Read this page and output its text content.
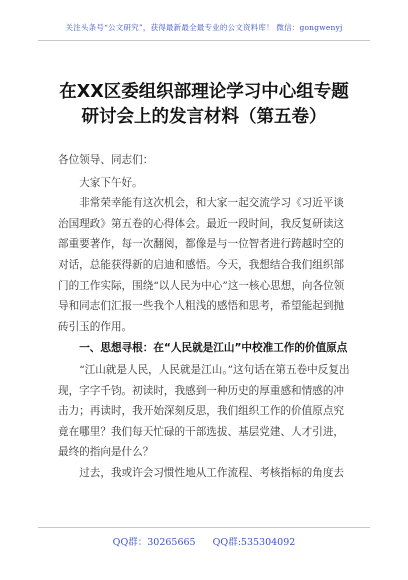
关注头条号“公文研究”，获得最新最全最专业的公文资料库！ 微信：gongwenyj
在XX区委组织部理论学习中心组专题
研讨会上的发言材料（第五卷）

各位领导、同志们：

大家下午好。

非常荣幸能有这次机会，和大家一起交流学习《习近平谈治国理政》第五卷的心得体会。最近一段时间，我反复研读这部重要著作，每一次翻阅，都像是与一位智者进行跨越时空的对话，总能获得新的启迪和感悟。今天，我想结合我们组织部门的工作实际，围绕“以人民为中心”这一核心思想，向各位领导和同志们汇报一些我个人粗浅的感悟和思考，希望能起到抛砖引玉的作用。

一、思想寻根：在“人民就是江山”中校准工作的价值原点

“江山就是人民，人民就是江山。”这句话在第五卷中反复出现，字字千钧。初读时，我感到一种历史的厚重感和情感的冲击力；再读时，我开始深刻反思，我们组织工作的价值原点究竟在哪里？我们每天忙碌的干部选拔、基层党建、人才引进，最终的指向是什么？

过去，我或许会习惯性地从工作流程、考核指标的角度去

QQ群：30265665 QQ群:535304092
